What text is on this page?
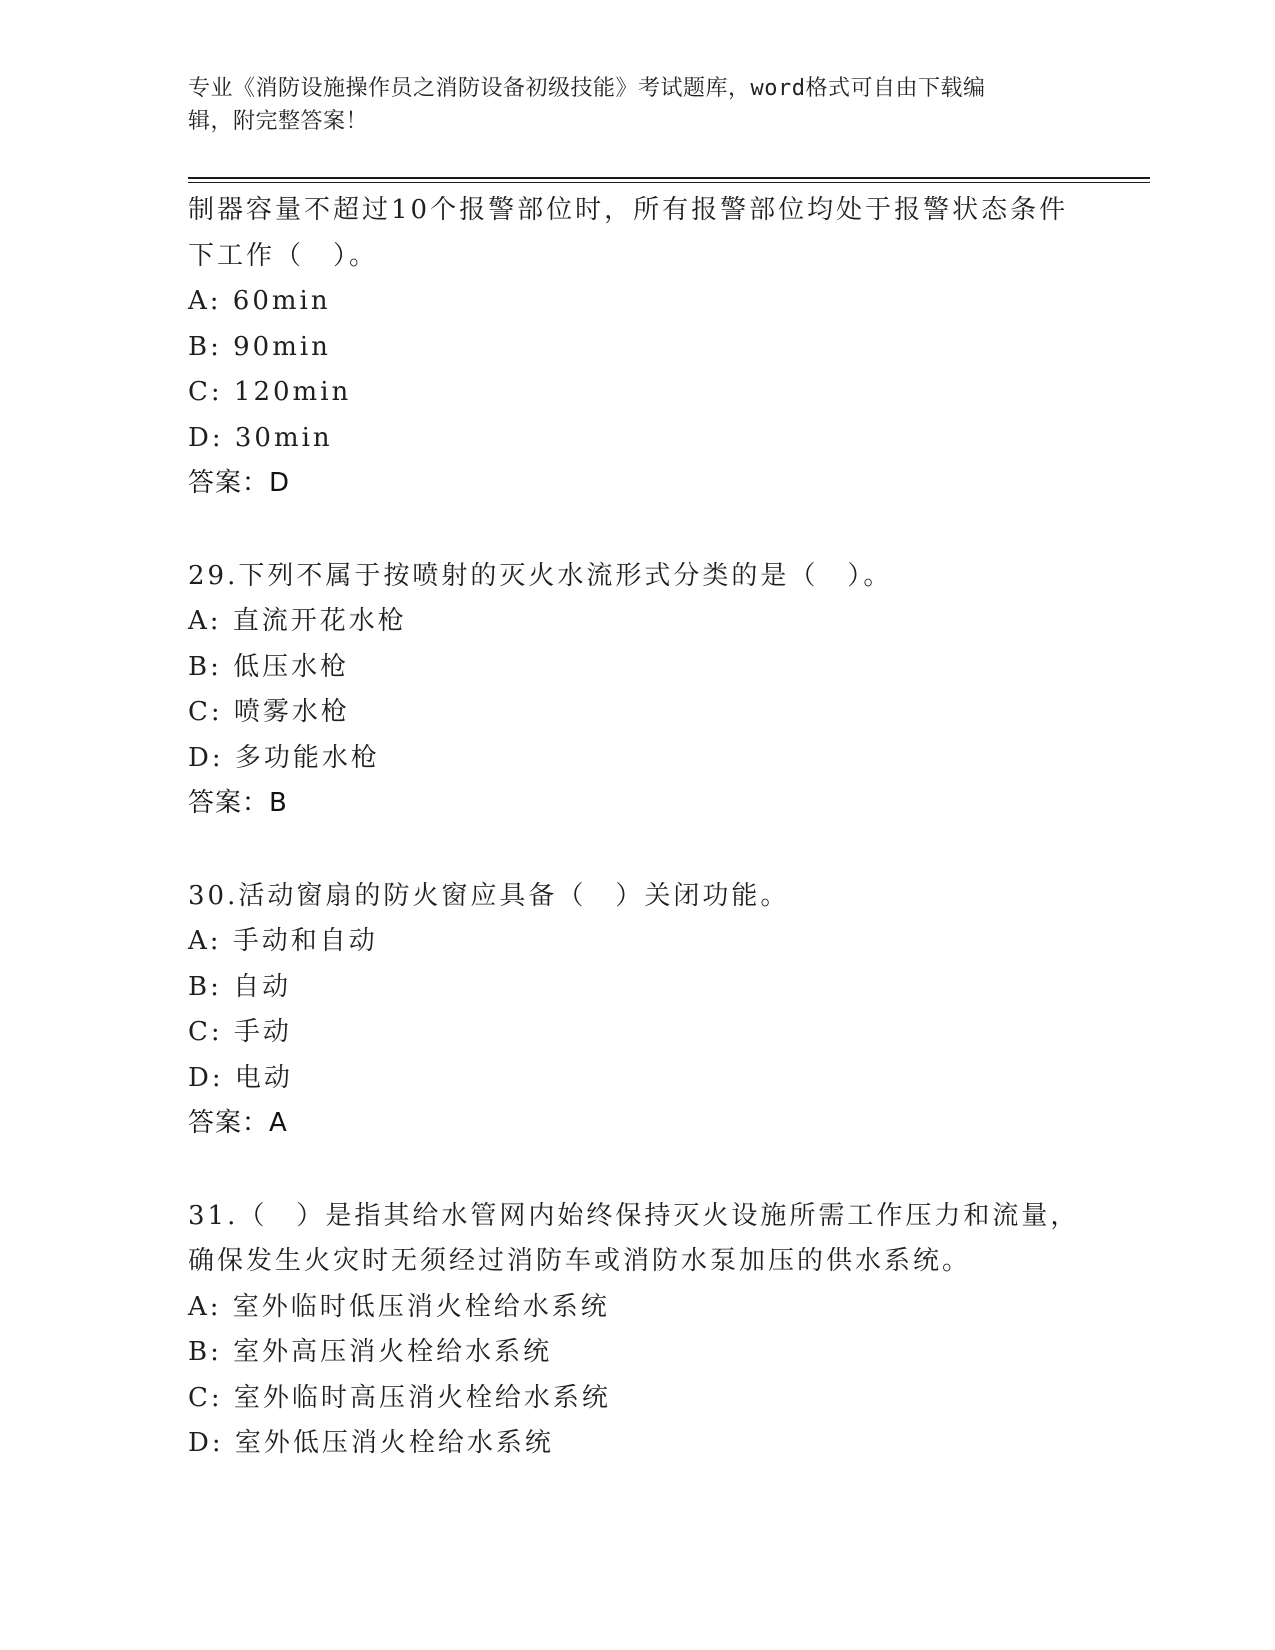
专业《消防设施操作员之消防设备初级技能》考试题库，word格式可自由下载编
辑，附完整答案！
制器容量不超过10个报警部位时，所有报警部位均处于报警状态条件
下工作（　）。
A: 60min
B: 90min
C: 120min
D: 30min
答案：D
29.下列不属于按喷射的灭火水流形式分类的是（　）。
A: 直流开花水枪
B: 低压水枪
C: 喷雾水枪
D: 多功能水枪
答案：B
30.活动窗扇的防火窗应具备（　）关闭功能。
A: 手动和自动
B: 自动
C: 手动
D: 电动
答案：A
31.（　）是指其给水管网内始终保持灭火设施所需工作压力和流量，
确保发生火灾时无须经过消防车或消防水泵加压的供水系统。
A: 室外临时低压消火栓给水系统
B: 室外高压消火栓给水系统
C: 室外临时高压消火栓给水系统
D: 室外低压消火栓给水系统
